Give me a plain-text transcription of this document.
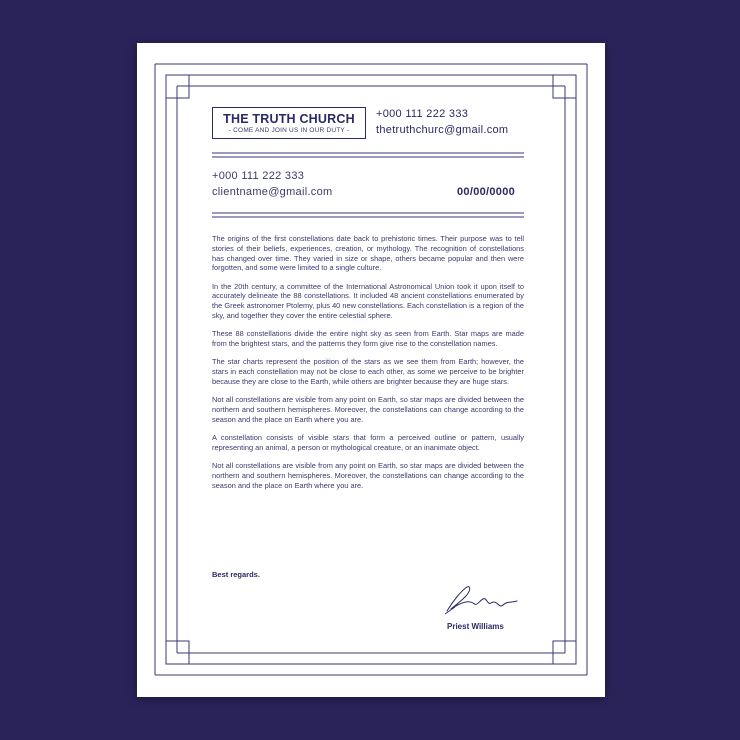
THE TRUTH CHURCH
- COME AND JOIN US IN OUR DUTY -
+000 111 222 333
thetruthchurc@gmail.com
+000 111 222 333
clientname@gmail.com	00/00/0000

The origins of the first constellations date back to prehistoric times. Their purpose was to tell stories of their beliefs, experiences, creation, or mythology. The recognition of constellations has changed over time. They varied in size or shape, others became popular and then were forgotten, and some were limited to a single culture.

In the 20th century, a committee of the International Astronomical Union took it upon itself to accurately delineate the 88 constellations. It included 48 ancient constellations enumerated by the Greek astronomer Ptolemy, plus 40 new constellations. Each constellation is a region of the sky, and together they cover the entire celestial sphere.

These 88 constellations divide the entire night sky as seen from Earth. Star maps are made from the brightest stars, and the patterns they form give rise to the constellation names.

The star charts represent the position of the stars as we see them from Earth; however, the stars in each constellation may not be close to each other, as some we perceive to be brighter because they are close to the Earth, while others are brighter because they are huge stars.

Not all constellations are visible from any point on Earth, so star maps are divided between the northern and southern hemispheres. Moreover, the constellations can change according to the season and the place on Earth where you are.

A constellation consists of visible stars that form a perceived outline or pattern, usually representing an animal, a person or mythological creature, or an inanimate object.

Not all constellations are visible from any point on Earth, so star maps are divided between the northern and southern hemispheres. Moreover, the constellations can change according to the season and the place on Earth where you are.

Best regards.
Priest Williams
